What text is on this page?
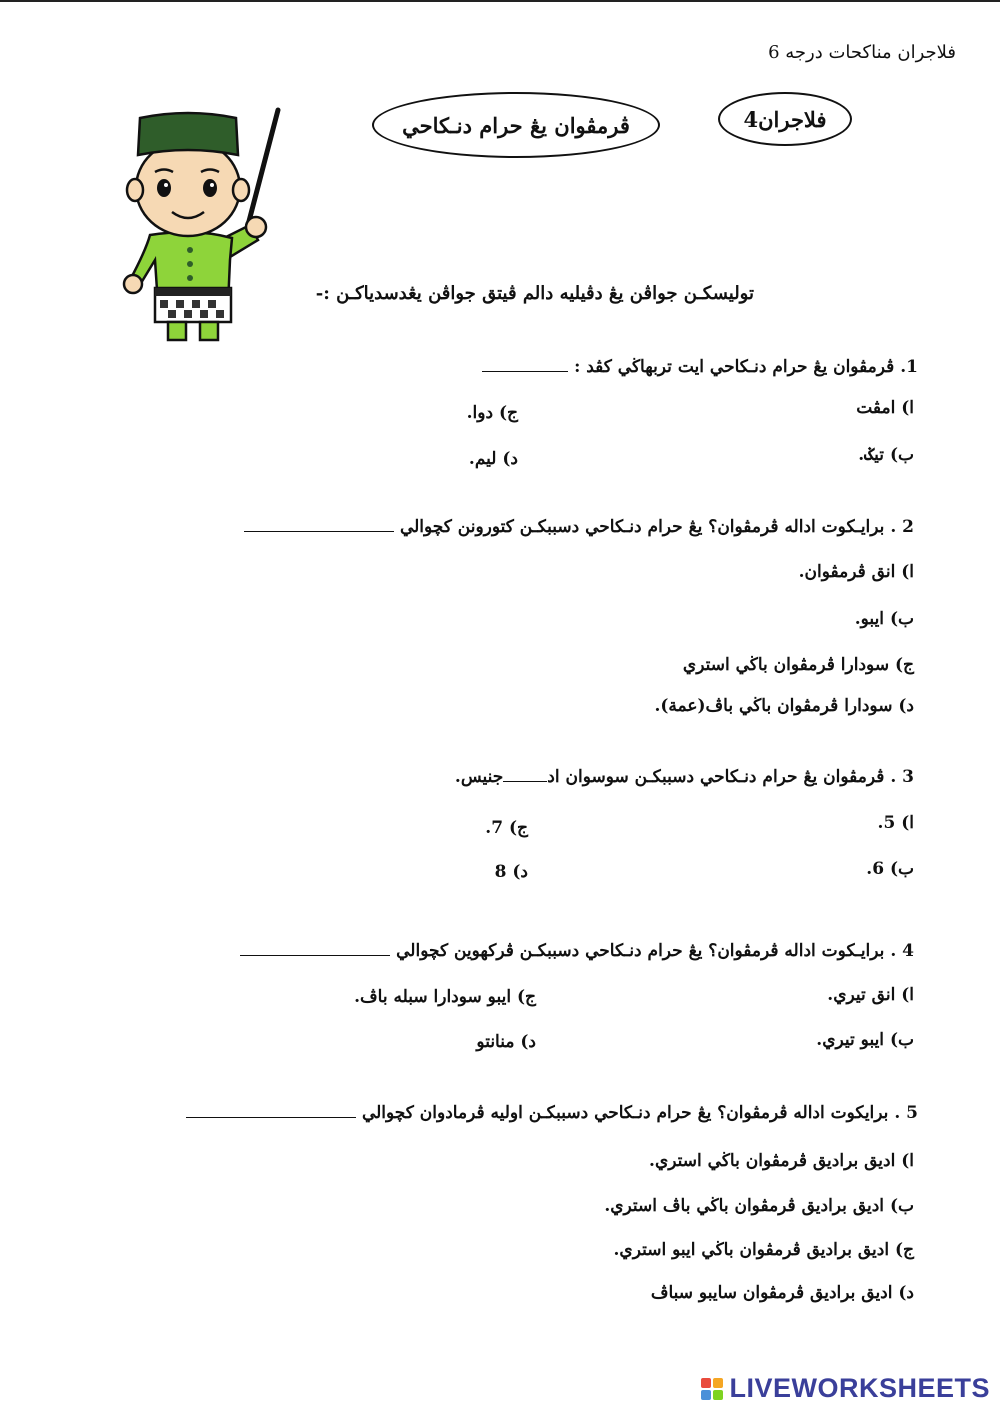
فلاجران مناكحات درجه 6
ڤرمڤوان يڠ حرام دنـكاحي	فلاجران4
توليسكـن جواڤن يڠ دڤيليه دالم ڤيتق جواڤن يڠدسدياكـن :-
1. ڤرمڤوان يڠ حرام دنـكاحي ايت تربهاڬي كڤد :
ا) امڤت
ب) تيݢ.
ج) دوا.
د) ليم.
2 . برايـكوت اداله ڤرمڤوان؟ يڠ حرام دنـكاحي دسببكـن كتورونن كچوالي
ا) انق ڤرمڤوان.
ب) ايبو.
ج) سودارا ڤرمڤوان باڬي استري
د) سودارا ڤرمڤوان باڬي باڤ(عمة).
3 . ڤرمڤوان يڠ حرام دنـكاحي دسببكـن سوسوان ادجنيس.
ا) 5.
ب) 6.
ج) 7.
د) 8
4 . برايـكوت اداله ڤرمڤوان؟ يڠ حرام دنـكاحي دسببكـن ڤركهوين كچوالي
ا) انق تيري.
ب) ايبو تيري.
ج) ايبو سودارا سبله باڤ.
د) منانتو
5 . برايكوت اداله ڤرمڤوان؟ يڠ حرام دنـكاحي دسببكـن اوليه ڤرمادوان كچوالي
ا) اديق براديق ڤرمڤوان باڬي استري.
ب) اديق براديق ڤرمڤوان باڬي باڤ استري.
ج) اديق براديق ڤرمڤوان باڬي ايبو استري.
د) اديق براديق ڤرمڤوان سايبو سباڤ
LIVEWORKSHEETS
